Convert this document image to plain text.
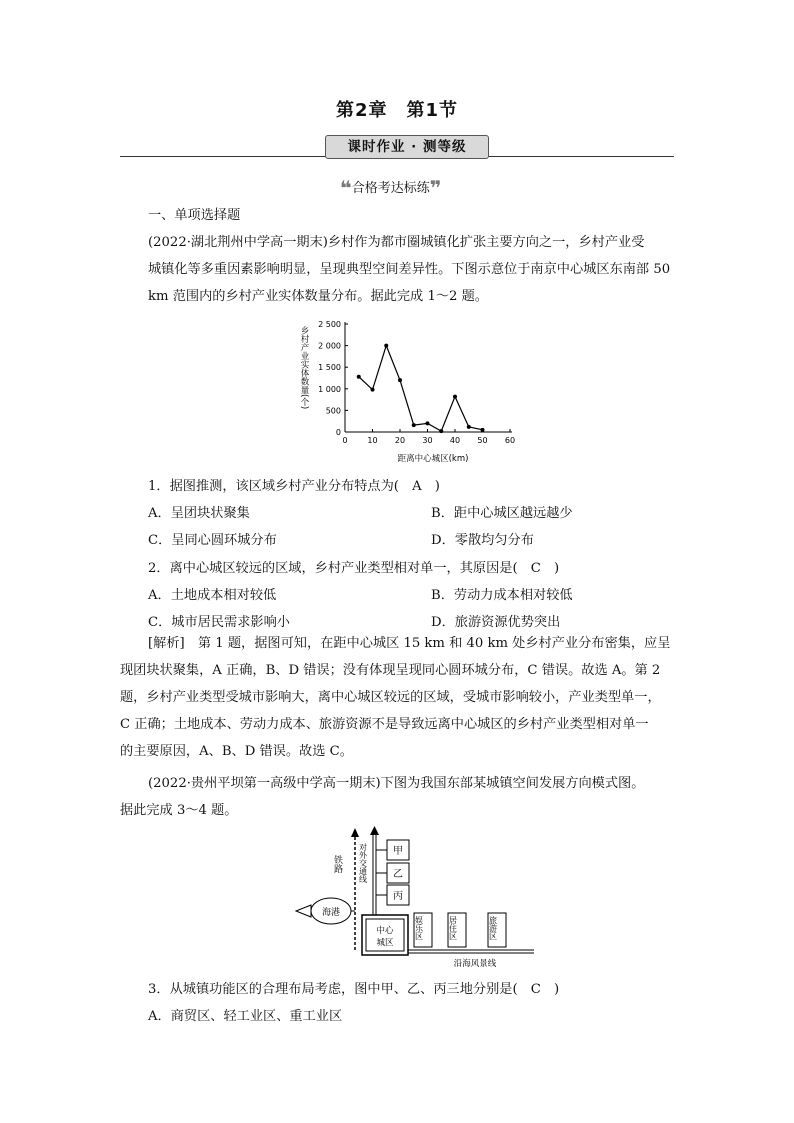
第2章　第1节
课时作业 · 测等级
❝合格考达标练❞
一、单项选择题
(2022·湖北荆州中学高一期末)乡村作为都市圈城镇化扩张主要方向之一，乡村产业受
城镇化等多重因素影响明显，呈现典型空间差异性。下图示意位于南京中心城区东南部 50
km 范围内的乡村产业实体数量分布。据此完成 1～2 题。
乡村产业实体数量(个)
0
500
1 000
1 500
2 000
2 500
0 10 20 30 40 50 60
距离中心城区(km)
1．据图推测，该区域乡村产业分布特点为(　A　)
A．呈团块状聚集	B．距中心城区越远越少
C．呈同心圆环城分布	D．零散均匀分布
2．离中心城区较远的区域，乡村产业类型相对单一，其原因是(　C　)
A．土地成本相对较低	B．劳动力成本相对较低
C．城市居民需求影响小	D．旅游资源优势突出
[解析]　第 1 题，据图可知，在距中心城区 15 km 和 40 km 处乡村产业分布密集，应呈
现团块状聚集，A 正确，B、D 错误；没有体现呈现同心圆环城分布，C 错误。故选 A。第 2
题，乡村产业类型受城市影响大，离中心城区较远的区域，受城市影响较小，产业类型单一，
C 正确；土地成本、劳动力成本、旅游资源不是导致远离中心城区的乡村产业类型相对单一
的主要原因，A、B、D 错误。故选 C。
(2022·贵州平坝第一高级中学高一期末)下图为我国东部某城镇空间发展方向模式图。
据此完成 3～4 题。
铁路 对外交通线	甲
乙
丙
海港
中心
城区
沿海风景线
娱乐区	居住区	旅游区
3．从城镇功能区的合理布局考虑，图中甲、乙、丙三地分别是(　C　)
A．商贸区、轻工业区、重工业区
